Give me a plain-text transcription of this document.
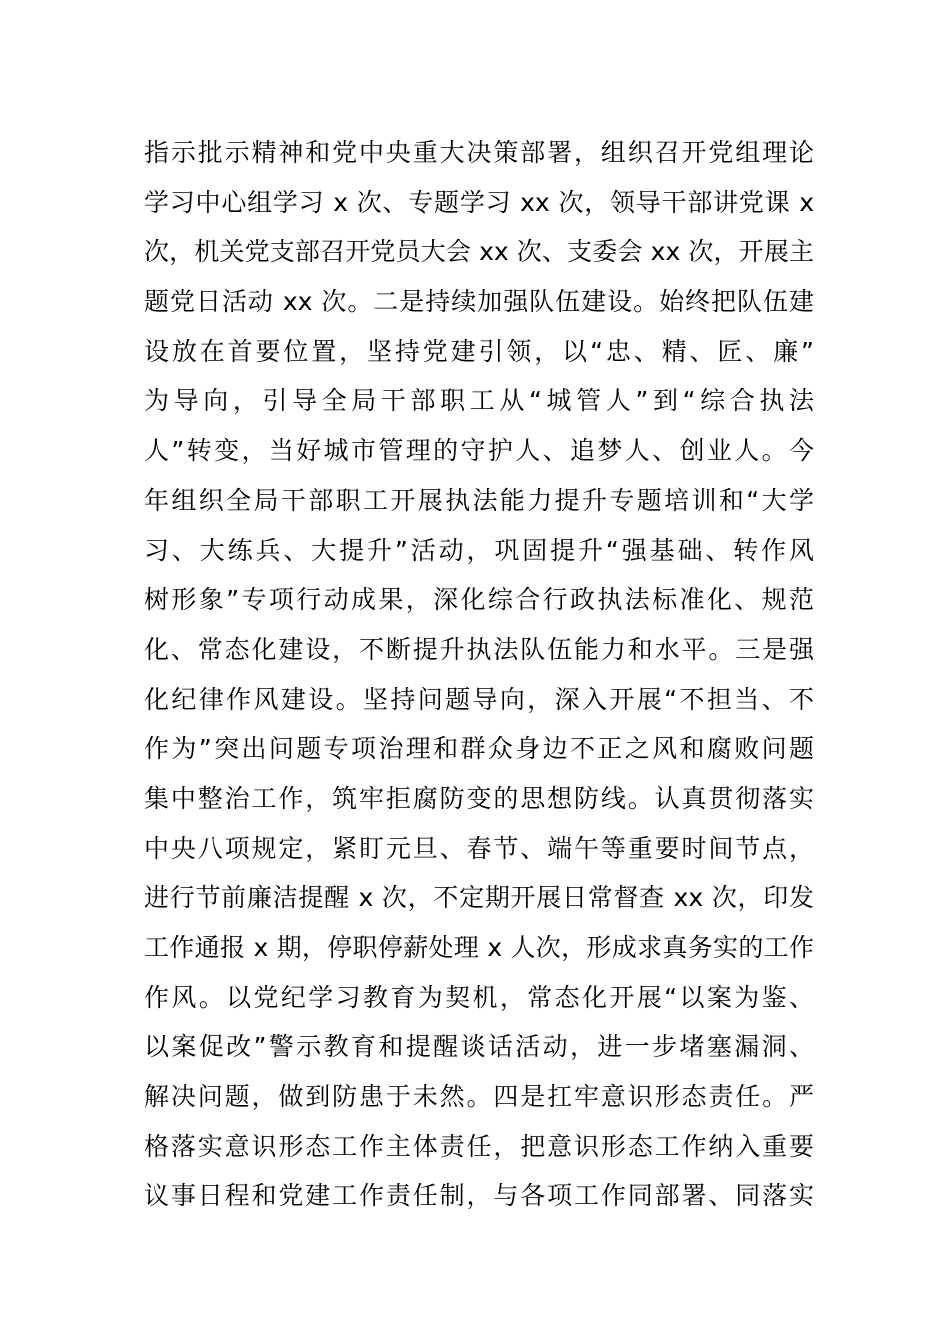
指示批示精神和党中央重大决策部署，组织召开党组理论
学习中心组学习 x 次、专题学习 xx 次，领导干部讲党课 x
次，机关党支部召开党员大会 xx 次、支委会 xx 次，开展主
题党日活动 xx 次。二是持续加强队伍建设。始终把队伍建
设放在首要位置，坚持党建引领，以“忠、精、匠、廉”
为导向，引导全局干部职工从“城管人”到“综合执法
人”转变，当好城市管理的守护人、追梦人、创业人。今
年组织全局干部职工开展执法能力提升专题培训和“大学
习、大练兵、大提升”活动，巩固提升“强基础、转作风
树形象”专项行动成果，深化综合行政执法标准化、规范
化、常态化建设，不断提升执法队伍能力和水平。三是强
化纪律作风建设。坚持问题导向，深入开展“不担当、不
作为”突出问题专项治理和群众身边不正之风和腐败问题
集中整治工作，筑牢拒腐防变的思想防线。认真贯彻落实
中央八项规定，紧盯元旦、春节、端午等重要时间节点，
进行节前廉洁提醒 x 次，不定期开展日常督查 xx 次，印发
工作通报 x 期，停职停薪处理 x 人次，形成求真务实的工作
作风。以党纪学习教育为契机，常态化开展“以案为鉴、
以案促改”警示教育和提醒谈话活动，进一步堵塞漏洞、
解决问题，做到防患于未然。四是扛牢意识形态责任。严
格落实意识形态工作主体责任，把意识形态工作纳入重要
议事日程和党建工作责任制，与各项工作同部署、同落实
